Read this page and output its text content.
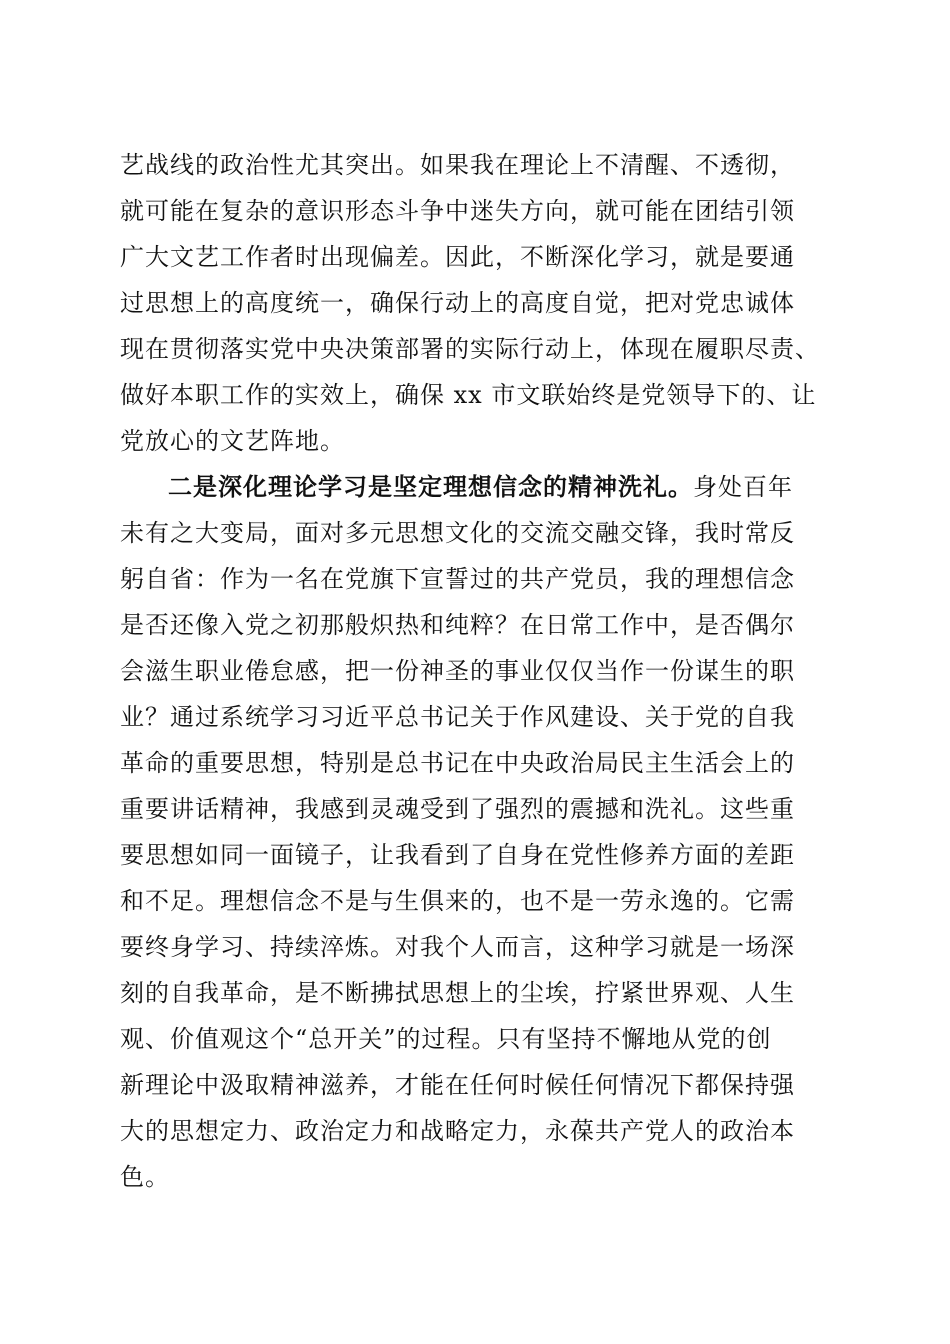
艺战线的政治性尤其突出。如果我在理论上不清醒、不透彻，
就可能在复杂的意识形态斗争中迷失方向，就可能在团结引领
广大文艺工作者时出现偏差。因此，不断深化学习，就是要通
过思想上的高度统一，确保行动上的高度自觉，把对党忠诚体
现在贯彻落实党中央决策部署的实际行动上，体现在履职尽责、
做好本职工作的实效上，确保 xx 市文联始终是党领导下的、让
党放心的文艺阵地。
二是深化理论学习是坚定理想信念的精神洗礼。身处百年
未有之大变局，面对多元思想文化的交流交融交锋，我时常反
躬自省：作为一名在党旗下宣誓过的共产党员，我的理想信念
是否还像入党之初那般炽热和纯粹？在日常工作中，是否偶尔
会滋生职业倦怠感，把一份神圣的事业仅仅当作一份谋生的职
业？通过系统学习习近平总书记关于作风建设、关于党的自我
革命的重要思想，特别是总书记在中央政治局民主生活会上的
重要讲话精神，我感到灵魂受到了强烈的震撼和洗礼。这些重
要思想如同一面镜子，让我看到了自身在党性修养方面的差距
和不足。理想信念不是与生俱来的，也不是一劳永逸的。它需
要终身学习、持续淬炼。对我个人而言，这种学习就是一场深
刻的自我革命，是不断拂拭思想上的尘埃，拧紧世界观、人生
观、价值观这个“总开关”的过程。只有坚持不懈地从党的创
新理论中汲取精神滋养，才能在任何时候任何情况下都保持强
大的思想定力、政治定力和战略定力，永葆共产党人的政治本
色。
